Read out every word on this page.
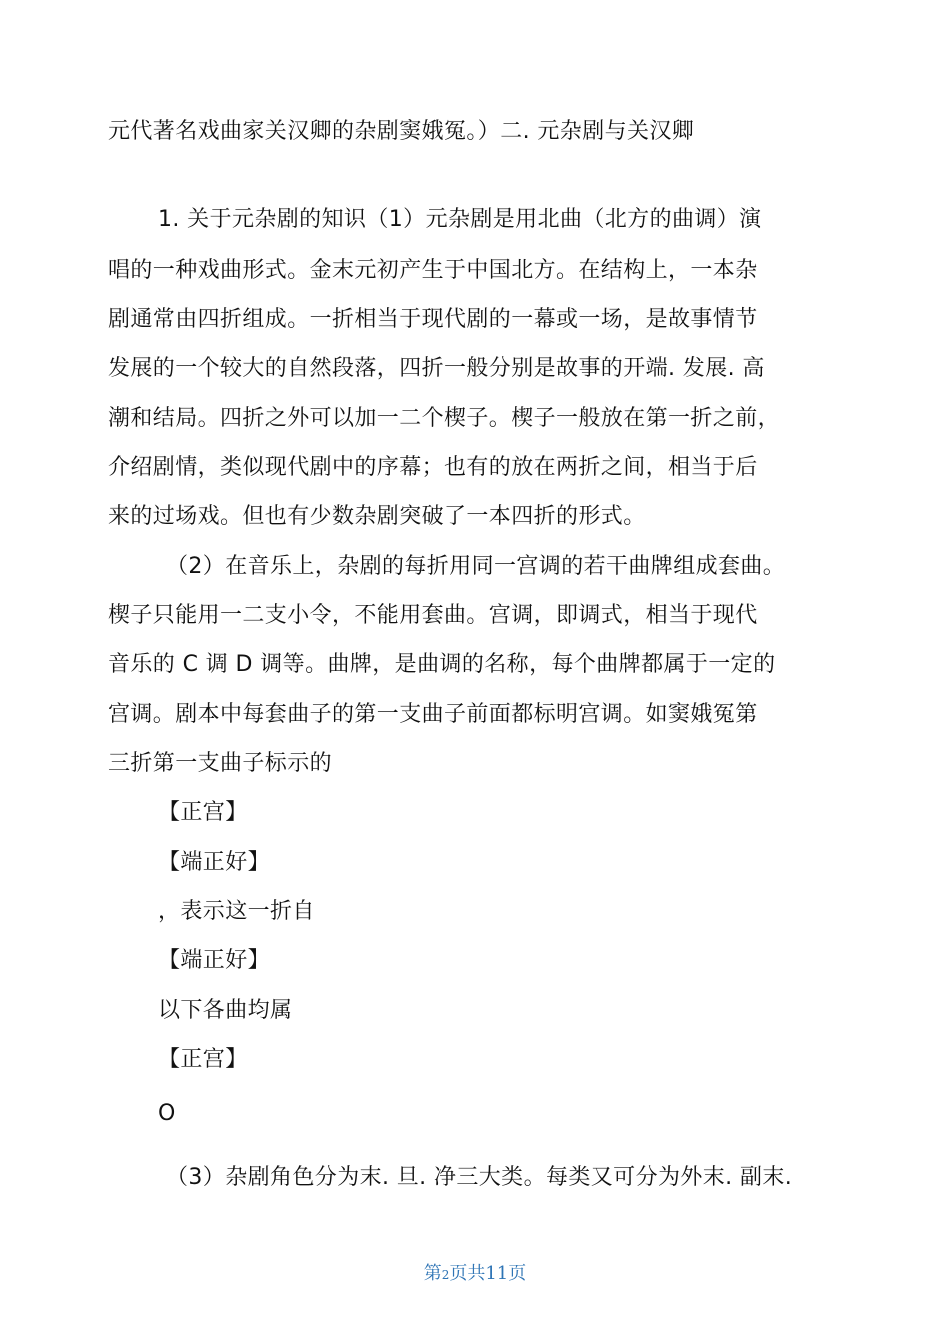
元代著名戏曲家关汉卿的杂剧窦娥冤。）二. 元杂剧与关汉卿
1. 关于元杂剧的知识（1）元杂剧是用北曲（北方的曲调）演
唱的一种戏曲形式。金末元初产生于中国北方。在结构上，一本杂
剧通常由四折组成。一折相当于现代剧的一幕或一场，是故事情节
发展的一个较大的自然段落，四折一般分别是故事的开端. 发展. 高
潮和结局。四折之外可以加一二个楔子。楔子一般放在第一折之前，
介绍剧情，类似现代剧中的序幕；也有的放在两折之间，相当于后
来的过场戏。但也有少数杂剧突破了一本四折的形式。
（2）在音乐上，杂剧的每折用同一宫调的若干曲牌组成套曲。
楔子只能用一二支小令，不能用套曲。宫调，即调式，相当于现代
音乐的 C 调 D 调等。曲牌，是曲调的名称，每个曲牌都属于一定的
宫调。剧本中每套曲子的第一支曲子前面都标明宫调。如窦娥冤第
三折第一支曲子标示的
【正宫】
【端正好】
，表示这一折自
【端正好】
以下各曲均属
【正宫】
O
（3）杂剧角色分为末. 旦. 净三大类。每类又可分为外末. 副末.
第2页共11页
